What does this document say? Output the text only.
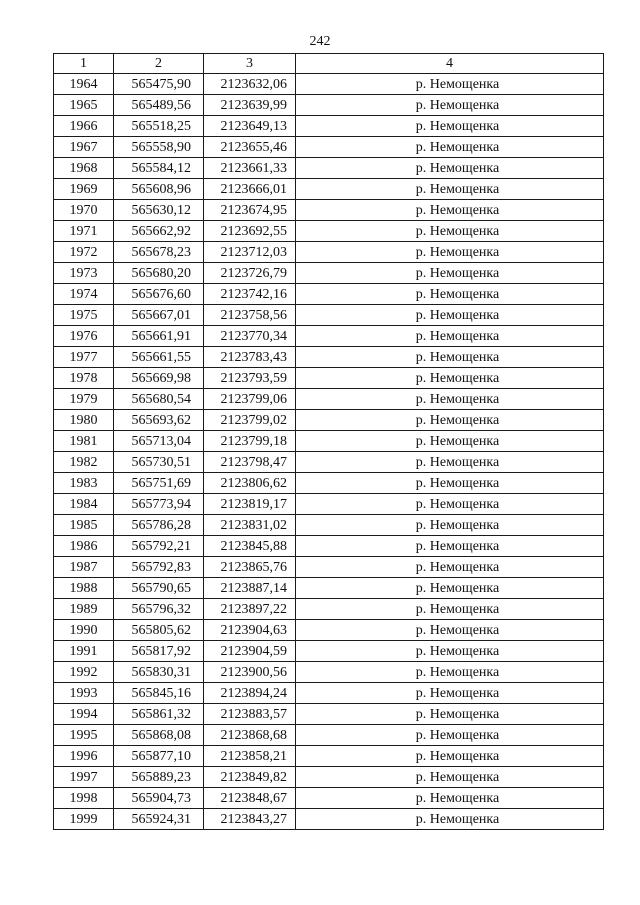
242
1	2	3	4
1964	565475,90	2123632,06	р. Немощенка
1965	565489,56	2123639,99	р. Немощенка
1966	565518,25	2123649,13	р. Немощенка
1967	565558,90	2123655,46	р. Немощенка
1968	565584,12	2123661,33	р. Немощенка
1969	565608,96	2123666,01	р. Немощенка
1970	565630,12	2123674,95	р. Немощенка
1971	565662,92	2123692,55	р. Немощенка
1972	565678,23	2123712,03	р. Немощенка
1973	565680,20	2123726,79	р. Немощенка
1974	565676,60	2123742,16	р. Немощенка
1975	565667,01	2123758,56	р. Немощенка
1976	565661,91	2123770,34	р. Немощенка
1977	565661,55	2123783,43	р. Немощенка
1978	565669,98	2123793,59	р. Немощенка
1979	565680,54	2123799,06	р. Немощенка
1980	565693,62	2123799,02	р. Немощенка
1981	565713,04	2123799,18	р. Немощенка
1982	565730,51	2123798,47	р. Немощенка
1983	565751,69	2123806,62	р. Немощенка
1984	565773,94	2123819,17	р. Немощенка
1985	565786,28	2123831,02	р. Немощенка
1986	565792,21	2123845,88	р. Немощенка
1987	565792,83	2123865,76	р. Немощенка
1988	565790,65	2123887,14	р. Немощенка
1989	565796,32	2123897,22	р. Немощенка
1990	565805,62	2123904,63	р. Немощенка
1991	565817,92	2123904,59	р. Немощенка
1992	565830,31	2123900,56	р. Немощенка
1993	565845,16	2123894,24	р. Немощенка
1994	565861,32	2123883,57	р. Немощенка
1995	565868,08	2123868,68	р. Немощенка
1996	565877,10	2123858,21	р. Немощенка
1997	565889,23	2123849,82	р. Немощенка
1998	565904,73	2123848,67	р. Немощенка
1999	565924,31	2123843,27	р. Немощенка
